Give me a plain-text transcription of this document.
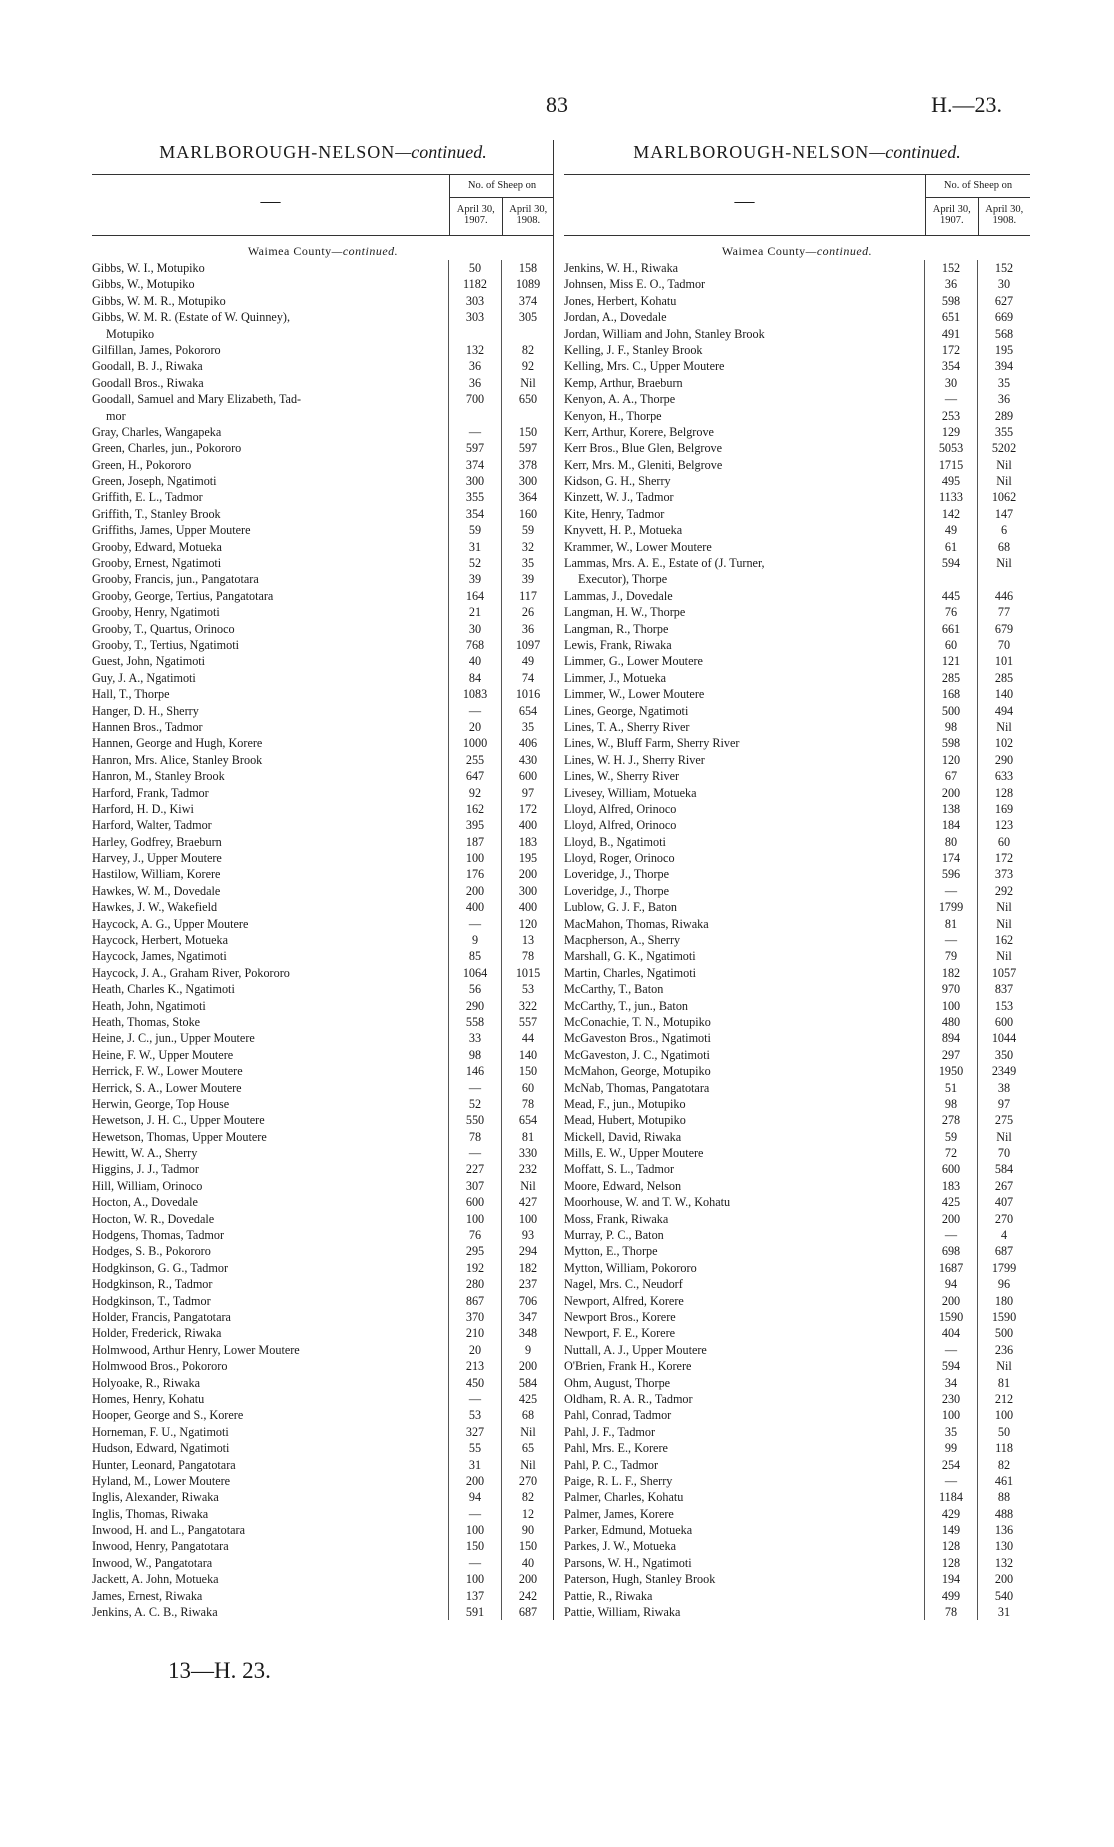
83	H.—23.
MARLBOROUGH-NELSON—continued.
—
No. of Sheep on
April 30,
1907.
April 30,
1908.
Waimea County—continued.
Gibbs, W. I., Motupiko	50	158
Gibbs, W., Motupiko	1182	1089
Gibbs, W. M. R., Motupiko	303	374
Gibbs, W. M. R. (Estate of W. Quinney),	303	305
Motupiko
Gilfillan, James, Pokororo	132	82
Goodall, B. J., Riwaka	36	92
Goodall Bros., Riwaka	36	Nil
Goodall, Samuel and Mary Elizabeth, Tad-	700	650
mor
Gray, Charles, Wangapeka	—	150
Green, Charles, jun., Pokororo	597	597
Green, H., Pokororo	374	378
Green, Joseph, Ngatimoti	300	300
Griffith, E. L., Tadmor	355	364
Griffith, T., Stanley Brook	354	160
Griffiths, James, Upper Moutere	59	59
Grooby, Edward, Motueka	31	32
Grooby, Ernest, Ngatimoti	52	35
Grooby, Francis, jun., Pangatotara	39	39
Grooby, George, Tertius, Pangatotara	164	117
Grooby, Henry, Ngatimoti	21	26
Grooby, T., Quartus, Orinoco	30	36
Grooby, T., Tertius, Ngatimoti	768	1097
Guest, John, Ngatimoti	40	49
Guy, J. A., Ngatimoti	84	74
Hall, T., Thorpe	1083	1016
Hanger, D. H., Sherry	—	654
Hannen Bros., Tadmor	20	35
Hannen, George and Hugh, Korere	1000	406
Hanron, Mrs. Alice, Stanley Brook	255	430
Hanron, M., Stanley Brook	647	600
Harford, Frank, Tadmor	92	97
Harford, H. D., Kiwi	162	172
Harford, Walter, Tadmor	395	400
Harley, Godfrey, Braeburn	187	183
Harvey, J., Upper Moutere	100	195
Hastilow, William, Korere	176	200
Hawkes, W. M., Dovedale	200	300
Hawkes, J. W., Wakefield	400	400
Haycock, A. G., Upper Moutere	—	120
Haycock, Herbert, Motueka	9	13
Haycock, James, Ngatimoti	85	78
Haycock, J. A., Graham River, Pokororo	1064	1015
Heath, Charles K., Ngatimoti	56	53
Heath, John, Ngatimoti	290	322
Heath, Thomas, Stoke	558	557
Heine, J. C., jun., Upper Moutere	33	44
Heine, F. W., Upper Moutere	98	140
Herrick, F. W., Lower Moutere	146	150
Herrick, S. A., Lower Moutere	—	60
Herwin, George, Top House	52	78
Hewetson, J. H. C., Upper Moutere	550	654
Hewetson, Thomas, Upper Moutere	78	81
Hewitt, W. A., Sherry	—	330
Higgins, J. J., Tadmor	227	232
Hill, William, Orinoco	307	Nil
Hocton, A., Dovedale	600	427
Hocton, W. R., Dovedale	100	100
Hodgens, Thomas, Tadmor	76	93
Hodges, S. B., Pokororo	295	294
Hodgkinson, G. G., Tadmor	192	182
Hodgkinson, R., Tadmor	280	237
Hodgkinson, T., Tadmor	867	706
Holder, Francis, Pangatotara	370	347
Holder, Frederick, Riwaka	210	348
Holmwood, Arthur Henry, Lower Moutere	20	9
Holmwood Bros., Pokororo	213	200
Holyoake, R., Riwaka	450	584
Homes, Henry, Kohatu	—	425
Hooper, George and S., Korere	53	68
Horneman, F. U., Ngatimoti	327	Nil
Hudson, Edward, Ngatimoti	55	65
Hunter, Leonard, Pangatotara	31	Nil
Hyland, M., Lower Moutere	200	270
Inglis, Alexander, Riwaka	94	82
Inglis, Thomas, Riwaka	—	12
Inwood, H. and L., Pangatotara	100	90
Inwood, Henry, Pangatotara	150	150
Inwood, W., Pangatotara	—	40
Jackett, A. John, Motueka	100	200
James, Ernest, Riwaka	137	242
Jenkins, A. C. B., Riwaka	591	687
MARLBOROUGH-NELSON—continued.
—
No. of Sheep on
April 30,
1907.
April 30,
1908.
Waimea County—continued.
Jenkins, W. H., Riwaka	152	152
Johnsen, Miss E. O., Tadmor	36	30
Jones, Herbert, Kohatu	598	627
Jordan, A., Dovedale	651	669
Jordan, William and John, Stanley Brook	491	568
Kelling, J. F., Stanley Brook	172	195
Kelling, Mrs. C., Upper Moutere	354	394
Kemp, Arthur, Braeburn	30	35
Kenyon, A. A., Thorpe	—	36
Kenyon, H., Thorpe	253	289
Kerr, Arthur, Korere, Belgrove	129	355
Kerr Bros., Blue Glen, Belgrove	5053	5202
Kerr, Mrs. M., Gleniti, Belgrove	1715	Nil
Kidson, G. H., Sherry	495	Nil
Kinzett, W. J., Tadmor	1133	1062
Kite, Henry, Tadmor	142	147
Knyvett, H. P., Motueka	49	6
Krammer, W., Lower Moutere	61	68
Lammas, Mrs. A. E., Estate of (J. Turner,	594	Nil
Executor), Thorpe
Lammas, J., Dovedale	445	446
Langman, H. W., Thorpe	76	77
Langman, R., Thorpe	661	679
Lewis, Frank, Riwaka	60	70
Limmer, G., Lower Moutere	121	101
Limmer, J., Motueka	285	285
Limmer, W., Lower Moutere	168	140
Lines, George, Ngatimoti	500	494
Lines, T. A., Sherry River	98	Nil
Lines, W., Bluff Farm, Sherry River	598	102
Lines, W. H. J., Sherry River	120	290
Lines, W., Sherry River	67	633
Livesey, William, Motueka	200	128
Lloyd, Alfred, Orinoco	138	169
Lloyd, Alfred, Orinoco	184	123
Lloyd, B., Ngatimoti	80	60
Lloyd, Roger, Orinoco	174	172
Loveridge, J., Thorpe	596	373
Loveridge, J., Thorpe	—	292
Lublow, G. J. F., Baton	1799	Nil
MacMahon, Thomas, Riwaka	81	Nil
Macpherson, A., Sherry	—	162
Marshall, G. K., Ngatimoti	79	Nil
Martin, Charles, Ngatimoti	182	1057
McCarthy, T., Baton	970	837
McCarthy, T., jun., Baton	100	153
McConachie, T. N., Motupiko	480	600
McGaveston Bros., Ngatimoti	894	1044
McGaveston, J. C., Ngatimoti	297	350
McMahon, George, Motupiko	1950	2349
McNab, Thomas, Pangatotara	51	38
Mead, F., jun., Motupiko	98	97
Mead, Hubert, Motupiko	278	275
Mickell, David, Riwaka	59	Nil
Mills, E. W., Upper Moutere	72	70
Moffatt, S. L., Tadmor	600	584
Moore, Edward, Nelson	183	267
Moorhouse, W. and T. W., Kohatu	425	407
Moss, Frank, Riwaka	200	270
Murray, P. C., Baton	—	4
Mytton, E., Thorpe	698	687
Mytton, William, Pokororo	1687	1799
Nagel, Mrs. C., Neudorf	94	96
Newport, Alfred, Korere	200	180
Newport Bros., Korere	1590	1590
Newport, F. E., Korere	404	500
Nuttall, A. J., Upper Moutere	—	236
O'Brien, Frank H., Korere	594	Nil
Ohm, August, Thorpe	34	81
Oldham, R. A. R., Tadmor	230	212
Pahl, Conrad, Tadmor	100	100
Pahl, J. F., Tadmor	35	50
Pahl, Mrs. E., Korere	99	118
Pahl, P. C., Tadmor	254	82
Paige, R. L. F., Sherry	—	461
Palmer, Charles, Kohatu	1184	88
Palmer, James, Korere	429	488
Parker, Edmund, Motueka	149	136
Parkes, J. W., Motueka	128	130
Parsons, W. H., Ngatimoti	128	132
Paterson, Hugh, Stanley Brook	194	200
Pattie, R., Riwaka	499	540
Pattie, William, Riwaka	78	31
13—H. 23.
